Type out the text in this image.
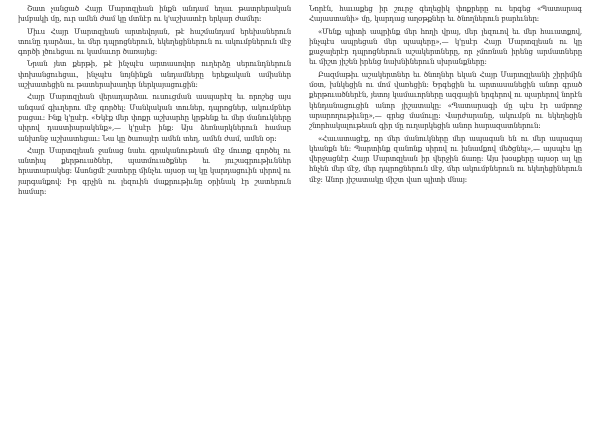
Շատ չանցած Հայր Մարտզլեան ինքն անդամ եղաւ թատրերական խմբակի մը, ուր ամեն ժամ կը մտնէր ու կ'աշխատէր երկար ժամեր։

Միւս Հայր Մարտզլեան արտեվոյան, թէ հաշմանդամ երեխաներուն տունը դարձաւ, եւ մեր դպրոցներուն, եկեղեցիներուն ու ակումբներուն մէջ գործի լծուեցաւ ու կամաւոր ծառայեց։

Նրան յետ քերթի, թէ ինչպէս արտասովոր ուղերձը սերունդներուն փոխանցուեցաւ, ինչպէս նոյնինքն անդամները երեքական ամիսներ աշխատեցին ու թատերախաղեր ներկայացուցին։

Հայր Մարտզլեան վերադարձաւ ուսուցման ասպարէզ եւ որոշեց այս անգամ գիւղերու մէջ գործել։ Մանկական տուներ, դպրոցներ, ակումբներ բացաւ։ Ինք կ'ըսէր. «Եկէք մեր փոքր աշխարհը կրթենք եւ մեր մանուկները սիրով դաստիարակենք»,— կ'ըսէր ինք։ Այս ձեռնարկներուն համար անխոնջ աշխատեցաւ։ Նա կը ծառայէր ամեն տեղ, ամեն ժամ, ամեն օր։

Հայր Մարտզլեան ջանաց նաեւ գրականութեան մէջ մուտք գործել ու անտիպ քերթուածներ, պատմուածքներ եւ յուշագրութիւններ հրատարակեց։ Ասոնցմէ շատերը մինչեւ այսօր ալ կը կարդացուին սիրով ու յարգանքով։ Իր գրչին ու լեզուին մաքրութիւնը օրինակ էր շատերուն համար։

Նորէն, հաւաքեց իր շուրջ գեղեցիկ փոքրերը ու երգեց «Պատարագ Հայաստանի» մը, կարդաց աղօթքներ եւ ծնողներուն բարեւներ։

«Մենք պիտի ապրինք մեր հողի վրայ, մեր լեզուով եւ մեր հաւատքով, ինչպէս ապրեցան մեր պապերը»,— կ'ըսէր Հայր Մարտզլեան ու կը քաջալերէր դպրոցներուն աշակերտները, որ չմոռնան իրենց արմատները եւ միշտ յիշեն իրենց նախնիներուն սխրանքները։

Բազմաթիւ աշակերտներ եւ ծնողներ եկան Հայր Մարտզլեանի շիրիմին մօտ, խնկեցին ու մոմ վառեցին։ Երգեցին եւ արտասանեցին անոր գրած քերթուածներէն, յետոյ կամաւորները ազգային երգերով ու պարերով նորէն կենդանացուցին անոր յիշատակը։ «Պատարագի մը պէս էր ամբողջ արարողութիւնը»,— գրեց մամուլը։ Վարժարանը, ակումբն ու եկեղեցին շնորհակալութեան գիր մը ուղարկեցին անոր հարազատներուն։

«Հաւատացէք, որ մեր մանուկները մեր ապագան են ու մեր ապագայ կեանքն են։ Պարտինք զանոնք սիրով ու խնամքով մեծցնել»,— այսպէս կը վերջացնէր Հայր Մարտզլեան իր վերջին ճառը։ Այս խօսքերը այսօր ալ կը հնչեն մեր մէջ, մեր դպրոցներուն մէջ, մեր ակումբներուն ու եկեղեցիներուն մէջ։ Անոր յիշատակը միշտ վառ պիտի մնայ։
